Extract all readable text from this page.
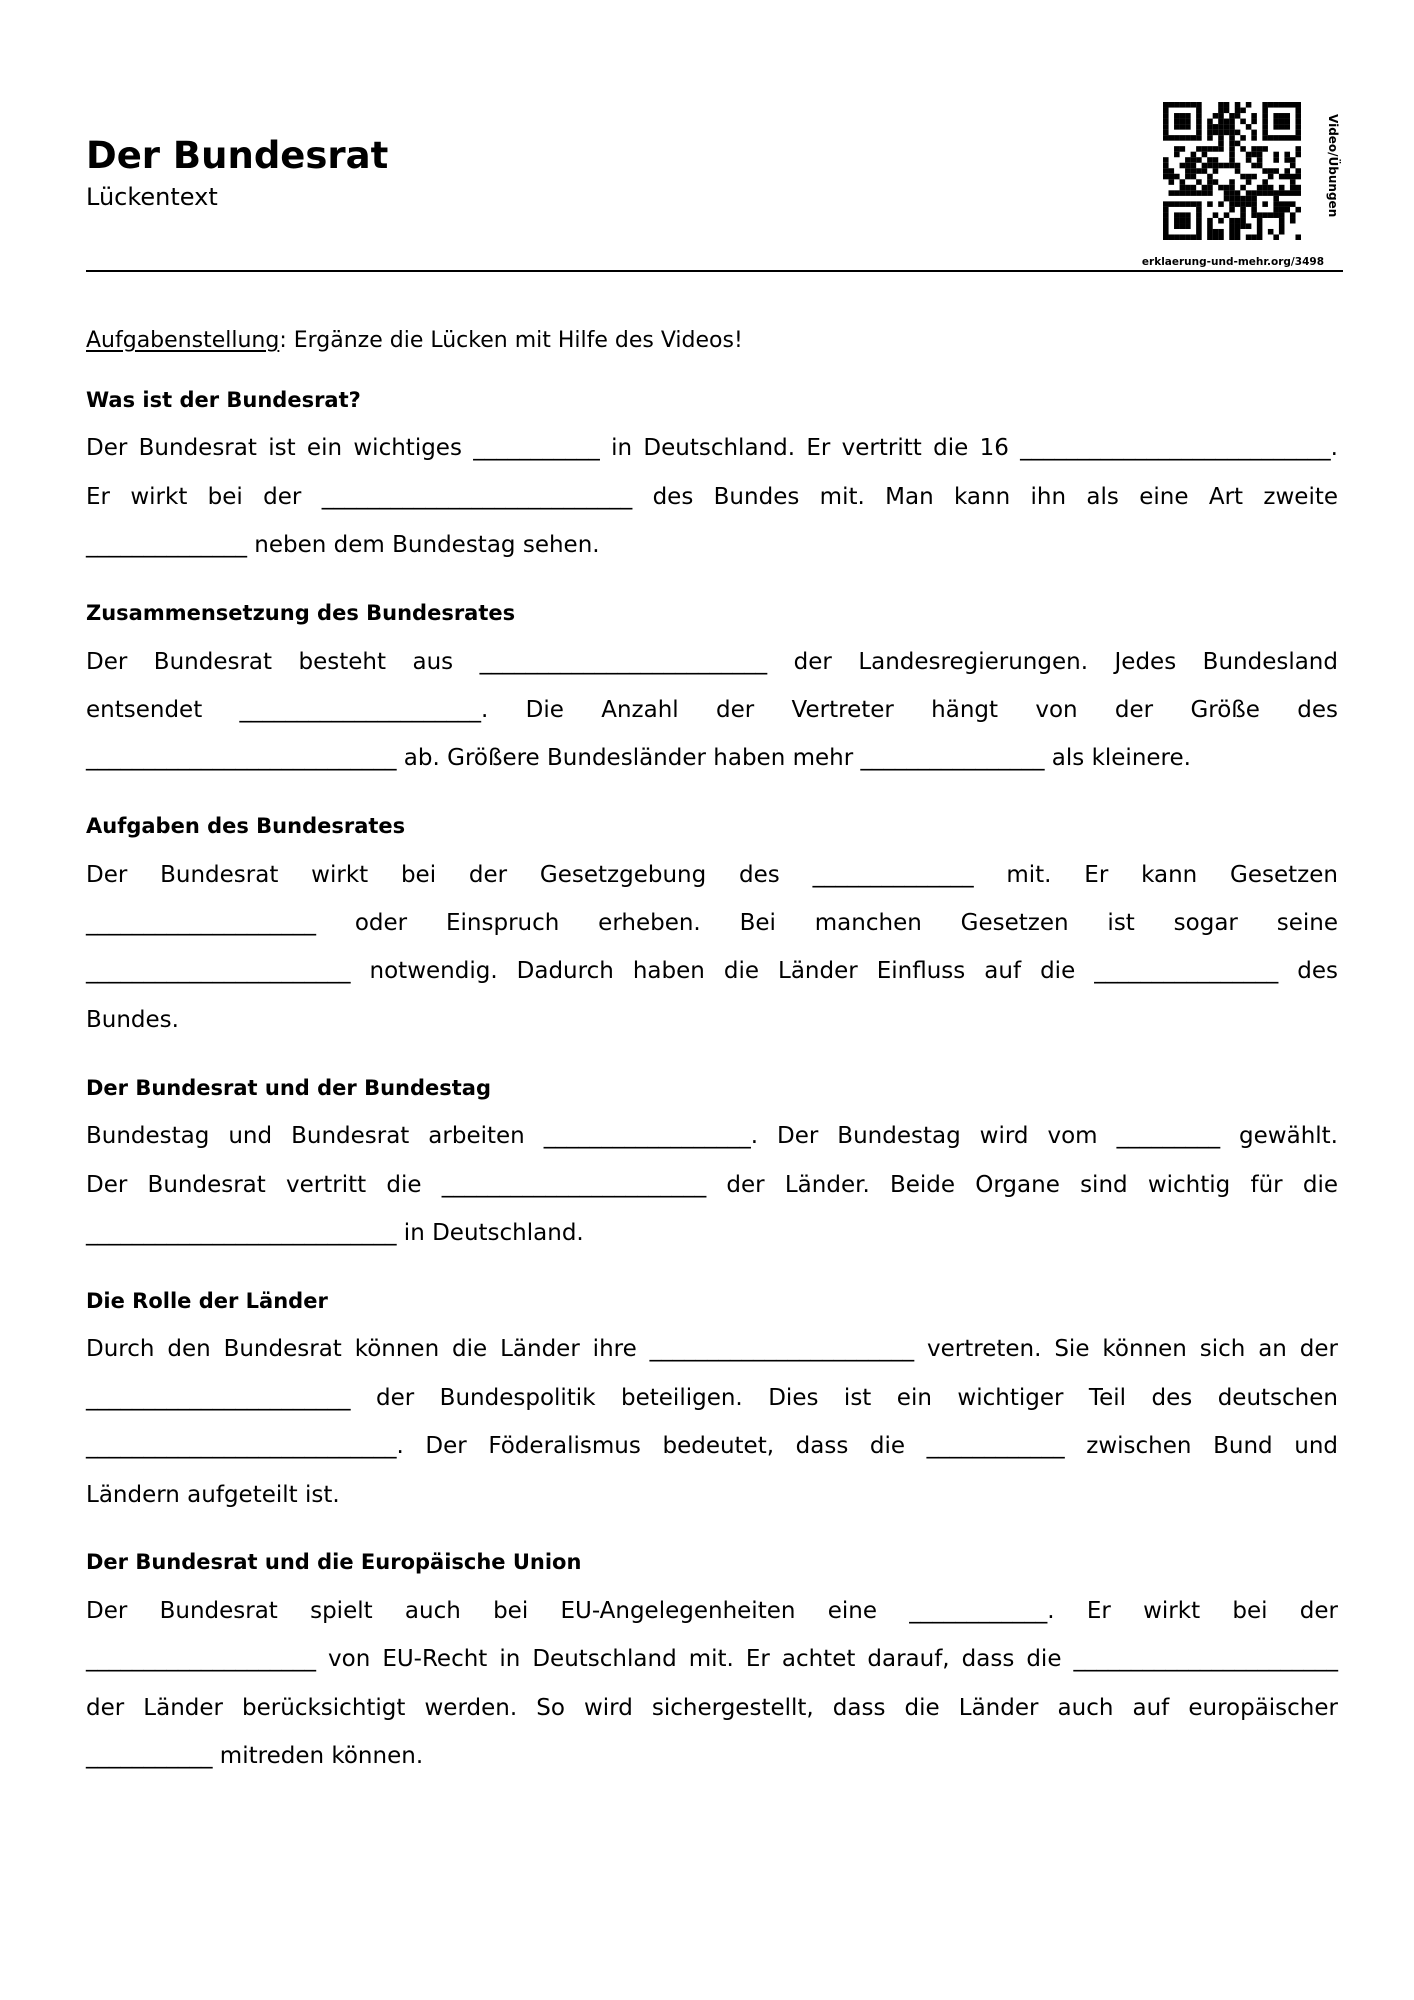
Der Bundesrat
Lückentext	Video/Übungen
erklaerung-und-mehr.org/3498
Aufgabenstellung: Ergänze die Lücken mit Hilfe des Videos!
Was ist der Bundesrat?
Der Bundesrat ist ein wichtiges ___________ in Deutschland. Er vertritt die 16 ___________________________.
Er wirkt bei der ___________________________ des Bundes mit. Man kann ihn als eine Art zweite
______________ neben dem Bundestag sehen.
Zusammensetzung des Bundesrates
Der Bundesrat besteht aus _________________________ der Landesregierungen. Jedes Bundesland
entsendet _____________________. Die Anzahl der Vertreter hängt von der Größe des
___________________________ ab. Größere Bundesländer haben mehr ________________ als kleinere.
Aufgaben des Bundesrates
Der Bundesrat wirkt bei der Gesetzgebung des ______________ mit. Er kann Gesetzen
____________________ oder Einspruch erheben. Bei manchen Gesetzen ist sogar seine
_______________________ notwendig. Dadurch haben die Länder Einfluss auf die ________________ des
Bundes.
Der Bundesrat und der Bundestag
Bundestag und Bundesrat arbeiten __________________. Der Bundestag wird vom _________ gewählt.
Der Bundesrat vertritt die _______________________ der Länder. Beide Organe sind wichtig für die
___________________________ in Deutschland.
Die Rolle der Länder
Durch den Bundesrat können die Länder ihre _______________________ vertreten. Sie können sich an der
_______________________ der Bundespolitik beteiligen. Dies ist ein wichtiger Teil des deutschen
___________________________. Der Föderalismus bedeutet, dass die ____________ zwischen Bund und
Ländern aufgeteilt ist.
Der Bundesrat und die Europäische Union
Der Bundesrat spielt auch bei EU-Angelegenheiten eine ____________. Er wirkt bei der
____________________ von EU-Recht in Deutschland mit. Er achtet darauf, dass die _______________________
der Länder berücksichtigt werden. So wird sichergestellt, dass die Länder auch auf europäischer
___________ mitreden können.
